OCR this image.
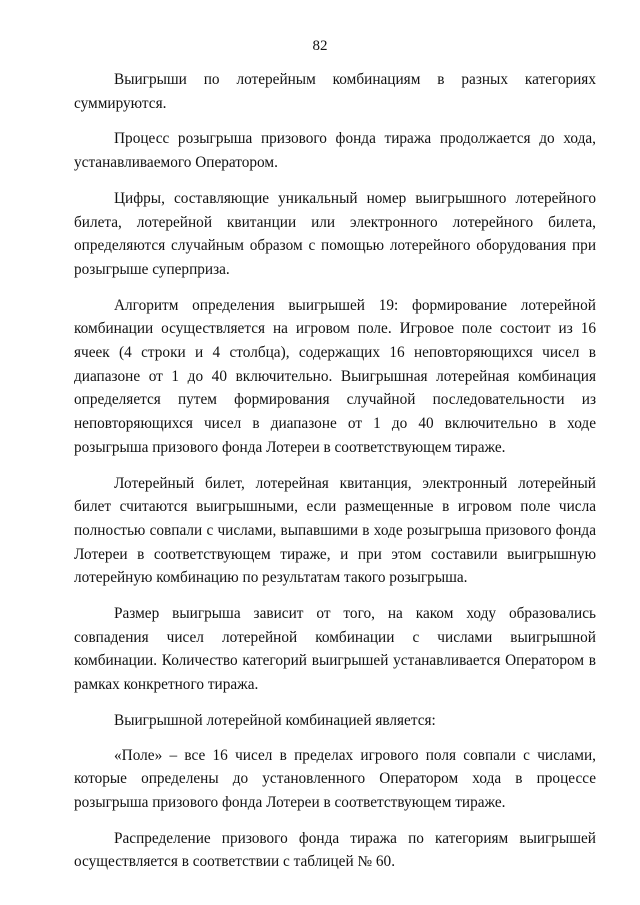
82

Выигрыши по лотерейным комбинациям в разных категориях суммируются.

Процесс розыгрыша призового фонда тиража продолжается до хода, устанавливаемого Оператором.

Цифры, составляющие уникальный номер выигрышного лотерейного билета, лотерейной квитанции или электронного лотерейного билета, определяются случайным образом с помощью лотерейного оборудования при розыгрыше суперприза.

Алгоритм определения выигрышей 19: формирование лотерейной комбинации осуществляется на игровом поле. Игровое поле состоит из 16 ячеек (4 строки и 4 столбца), содержащих 16 неповторяющихся чисел в диапазоне от 1 до 40 включительно. Выигрышная лотерейная комбинация определяется путем формирования случайной последовательности из неповторяющихся чисел в диапазоне от 1 до 40 включительно в ходе розыгрыша призового фонда Лотереи в соответствующем тираже.

Лотерейный билет, лотерейная квитанция, электронный лотерейный билет считаются выигрышными, если размещенные в игровом поле числа полностью совпали с числами, выпавшими в ходе розыгрыша призового фонда Лотереи в соответствующем тираже, и при этом составили выигрышную лотерейную комбинацию по результатам такого розыгрыша.

Размер выигрыша зависит от того, на каком ходу образовались совпадения чисел лотерейной комбинации с числами выигрышной комбинации. Количество категорий выигрышей устанавливается Оператором в рамках конкретного тиража.

Выигрышной лотерейной комбинацией является:

«Поле» – все 16 чисел в пределах игрового поля совпали с числами, которые определены до установленного Оператором хода в процессе розыгрыша призового фонда Лотереи в соответствующем тираже.

Распределение призового фонда тиража по категориям выигрышей осуществляется в соответствии с таблицей № 60.
